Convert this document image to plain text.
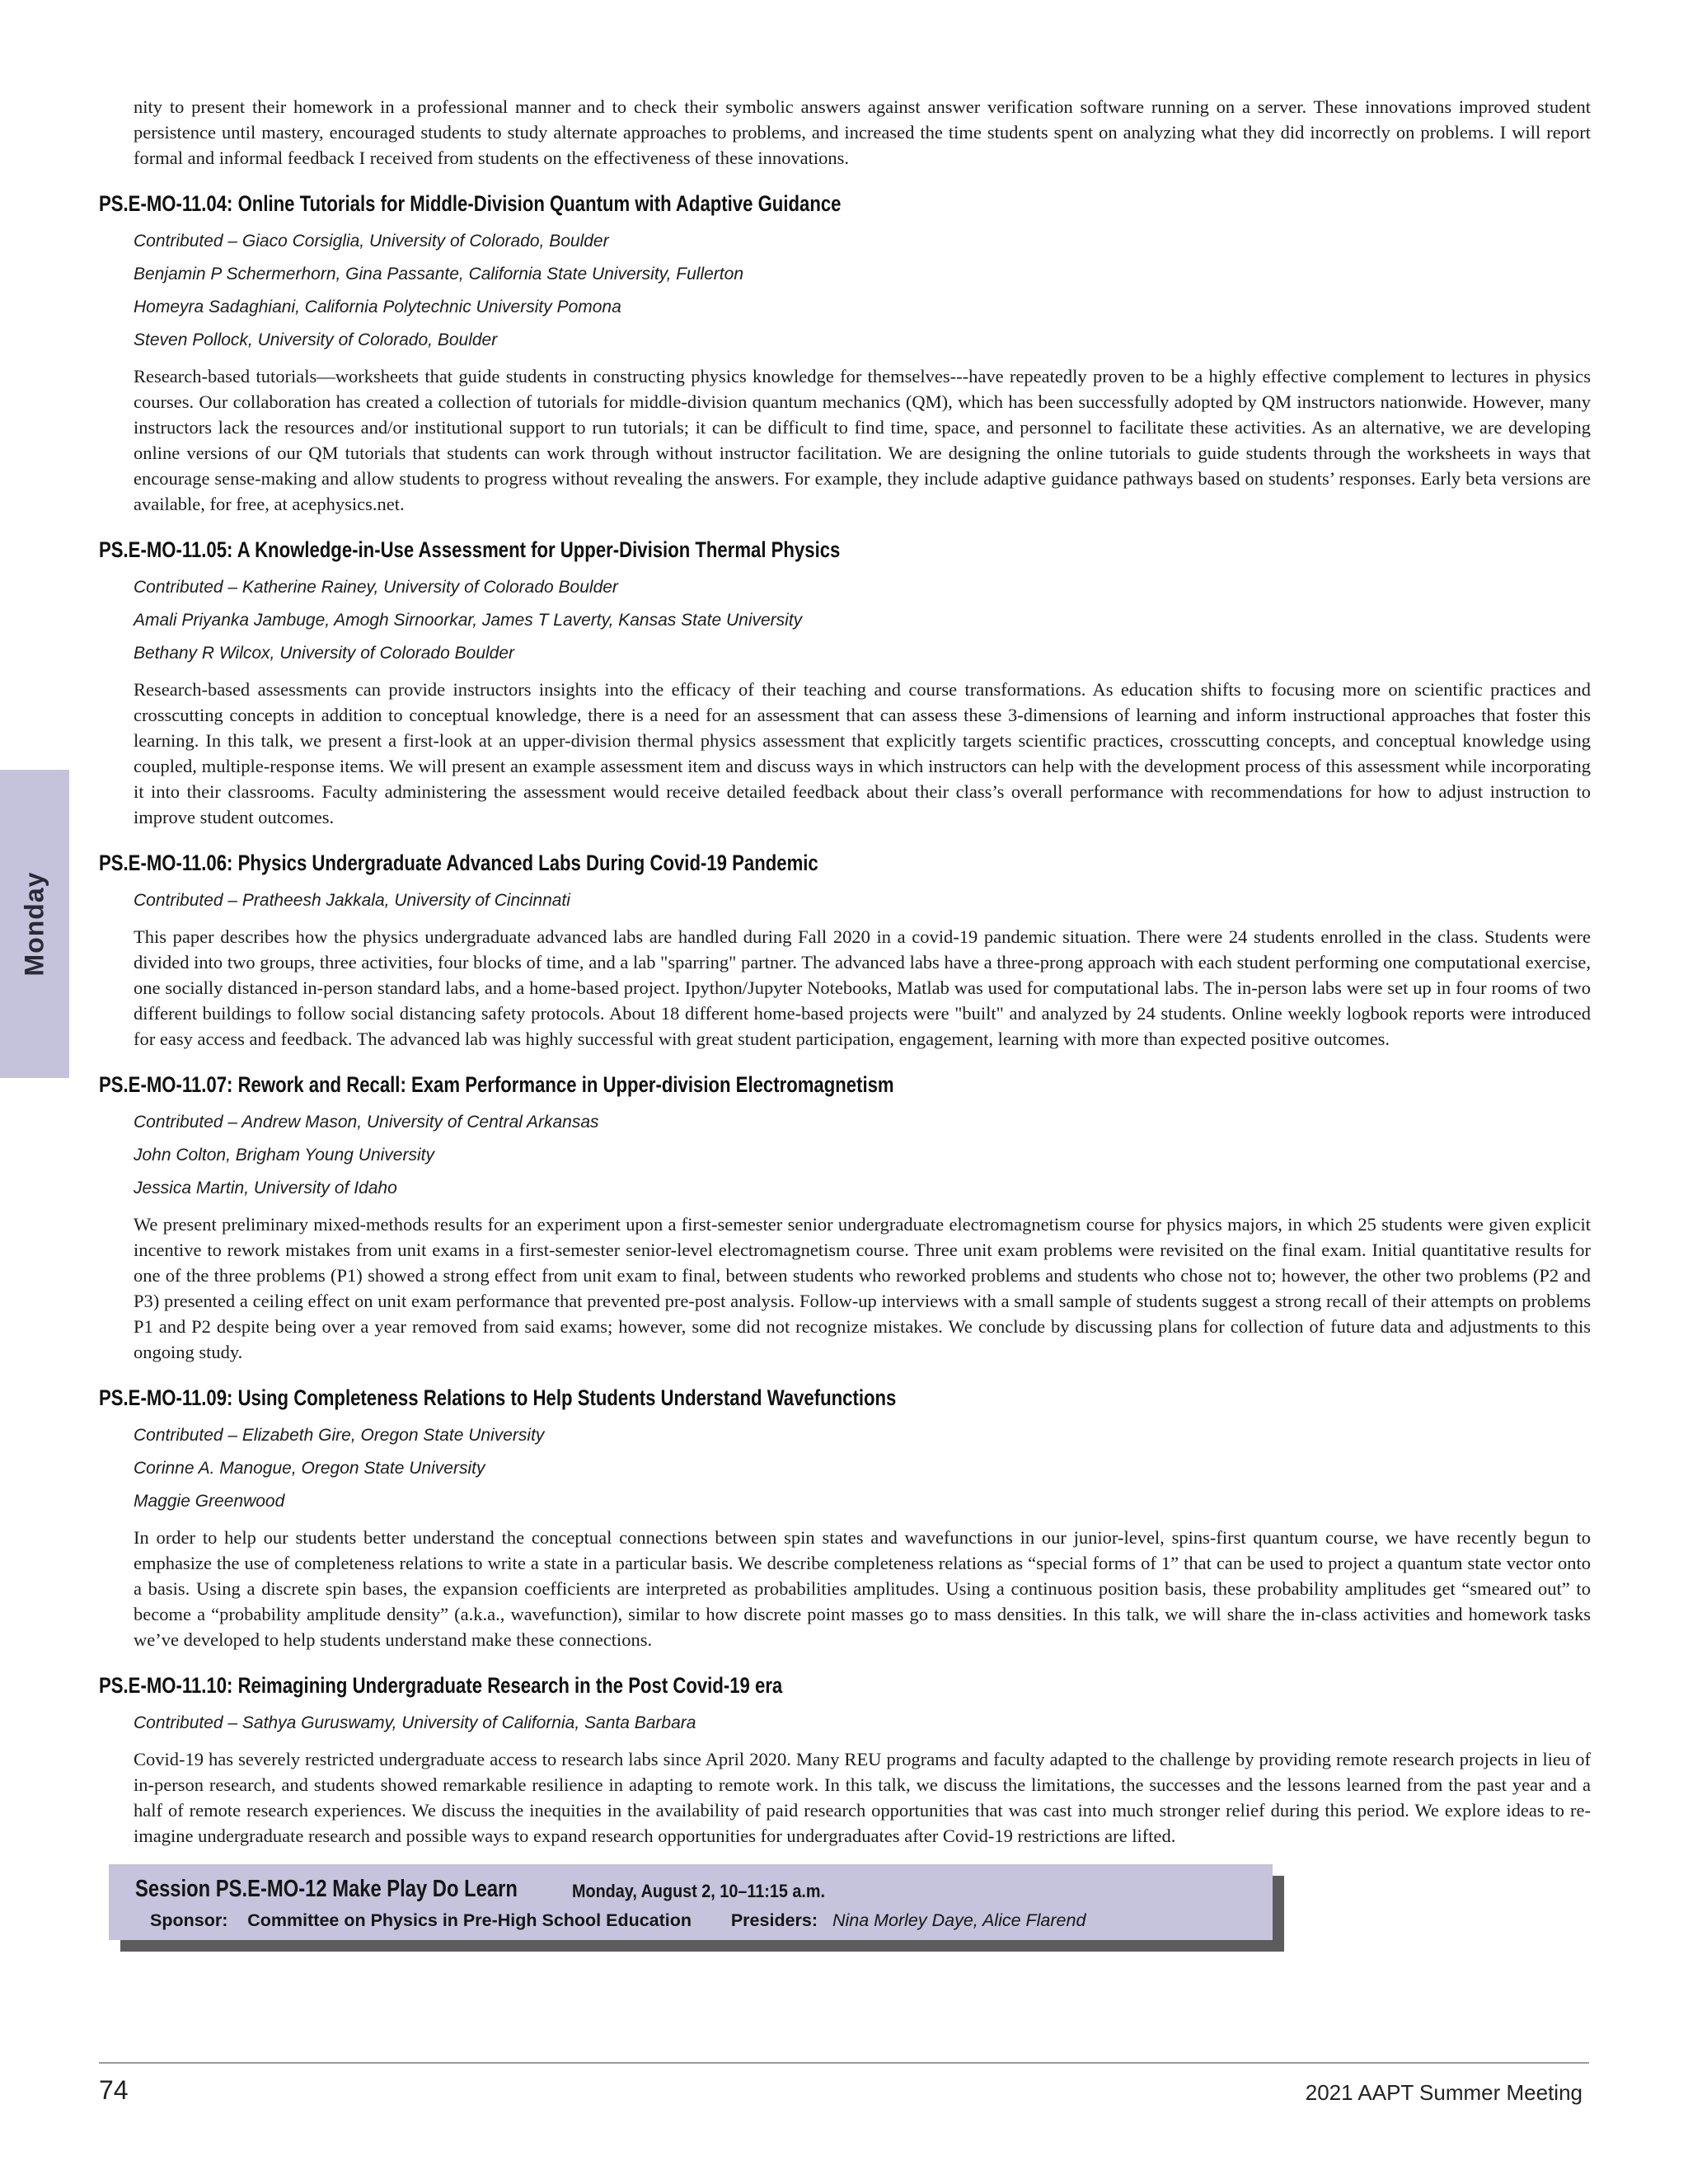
Monday

nity to present their homework in a professional manner and to check their symbolic answers against answer verification software running on a server. These innovations improved student persistence until mastery, encouraged students to study alternate approaches to problems, and increased the time students spent on analyzing what they did incorrectly on problems. I will report formal and informal feedback I received from students on the effectiveness of these innovations.

PS.E-MO-11.04: Online Tutorials for Middle-Division Quantum with Adaptive Guidance
Contributed – Giaco Corsiglia, University of Colorado, Boulder
Benjamin P Schermerhorn, Gina Passante, California State University, Fullerton
Homeyra Sadaghiani, California Polytechnic University Pomona
Steven Pollock, University of Colorado, Boulder

Research-based tutorials—worksheets that guide students in constructing physics knowledge for themselves---have repeatedly proven to be a highly effective complement to lectures in physics courses. Our collaboration has created a collection of tutorials for middle-division quantum mechanics (QM), which has been successfully adopted by QM instructors nationwide. However, many instructors lack the resources and/or institutional support to run tutorials; it can be difficult to find time, space, and personnel to facilitate these activities. As an alternative, we are developing online versions of our QM tutorials that students can work through without instructor facilitation. We are designing the online tutorials to guide students through the worksheets in ways that encourage sense-making and allow students to progress without revealing the answers. For example, they include adaptive guidance pathways based on students’ responses. Early beta versions are available, for free, at acephysics.net.

PS.E-MO-11.05: A Knowledge-in-Use Assessment for Upper-Division Thermal Physics
Contributed – Katherine Rainey, University of Colorado Boulder
Amali Priyanka Jambuge, Amogh Sirnoorkar, James T Laverty, Kansas State University
Bethany R Wilcox, University of Colorado Boulder

Research-based assessments can provide instructors insights into the efficacy of their teaching and course transformations. As education shifts to focusing more on scientific practices and crosscutting concepts in addition to conceptual knowledge, there is a need for an assessment that can assess these 3-dimensions of learning and inform instructional approaches that foster this learning. In this talk, we present a first-look at an upper-division thermal physics assessment that explicitly targets scientific practices, crosscutting concepts, and conceptual knowledge using coupled, multiple-response items. We will present an example assessment item and discuss ways in which instructors can help with the development process of this assessment while incorporating it into their classrooms. Faculty administering the assessment would receive detailed feedback about their class’s overall performance with recommendations for how to adjust instruction to improve student outcomes.

PS.E-MO-11.06: Physics Undergraduate Advanced Labs During Covid-19 Pandemic
Contributed – Pratheesh Jakkala, University of Cincinnati

This paper describes how the physics undergraduate advanced labs are handled during Fall 2020 in a covid-19 pandemic situation. There were 24 students enrolled in the class. Students were divided into two groups, three activities, four blocks of time, and a lab "sparring" partner. The advanced labs have a three-prong approach with each student performing one computational exercise, one socially distanced in-person standard labs, and a home-based project. Ipython/Jupyter Notebooks, Matlab was used for computational labs. The in-person labs were set up in four rooms of two different buildings to follow social distancing safety protocols. About 18 different home-based projects were "built" and analyzed by 24 students. Online weekly logbook reports were introduced for easy access and feedback. The advanced lab was highly successful with great student participation, engagement, learning with more than expected positive outcomes.

PS.E-MO-11.07: Rework and Recall: Exam Performance in Upper-division Electromagnetism
Contributed – Andrew Mason, University of Central Arkansas
John Colton, Brigham Young University
Jessica Martin, University of Idaho

We present preliminary mixed-methods results for an experiment upon a first-semester senior undergraduate electromagnetism course for physics majors, in which 25 students were given explicit incentive to rework mistakes from unit exams in a first-semester senior-level electromagnetism course. Three unit exam problems were revisited on the final exam. Initial quantitative results for one of the three problems (P1) showed a strong effect from unit exam to final, between students who reworked problems and students who chose not to; however, the other two problems (P2 and P3) presented a ceiling effect on unit exam performance that prevented pre-post analysis. Follow-up interviews with a small sample of students suggest a strong recall of their attempts on problems P1 and P2 despite being over a year removed from said exams; however, some did not recognize mistakes. We conclude by discussing plans for collection of future data and adjustments to this ongoing study.

PS.E-MO-11.09: Using Completeness Relations to Help Students Understand Wavefunctions
Contributed – Elizabeth Gire, Oregon State University
Corinne A. Manogue, Oregon State University
Maggie Greenwood

In order to help our students better understand the conceptual connections between spin states and wavefunctions in our junior-level, spins-first quantum course, we have recently begun to emphasize the use of completeness relations to write a state in a particular basis. We describe completeness relations as “special forms of 1” that can be used to project a quantum state vector onto a basis. Using a discrete spin bases, the expansion coefficients are interpreted as probabilities amplitudes. Using a continuous position basis, these probability amplitudes get “smeared out” to become a “probability amplitude density” (a.k.a., wavefunction), similar to how discrete point masses go to mass densities. In this talk, we will share the in-class activities and homework tasks we’ve developed to help students understand make these connections.

PS.E-MO-11.10: Reimagining Undergraduate Research in the Post Covid-19 era
Contributed – Sathya Guruswamy, University of California, Santa Barbara

Covid-19 has severely restricted undergraduate access to research labs since April 2020. Many REU programs and faculty adapted to the challenge by providing remote research projects in lieu of in-person research, and students showed remarkable resilience in adapting to remote work. In this talk, we discuss the limitations, the successes and the lessons learned from the past year and a half of remote research experiences. We discuss the inequities in the availability of paid research opportunities that was cast into much stronger relief during this period. We explore ideas to re-imagine undergraduate research and possible ways to expand research opportunities for undergraduates after Covid-19 restrictions are lifted.

Session PS.E-MO-12 Make Play Do Learn	Monday, August 2, 10–11:15 a.m.
Sponsor: Committee on Physics in Pre-High School Education Presiders: Nina Morley Daye, Alice Flarend
74	2021 AAPT Summer Meeting
